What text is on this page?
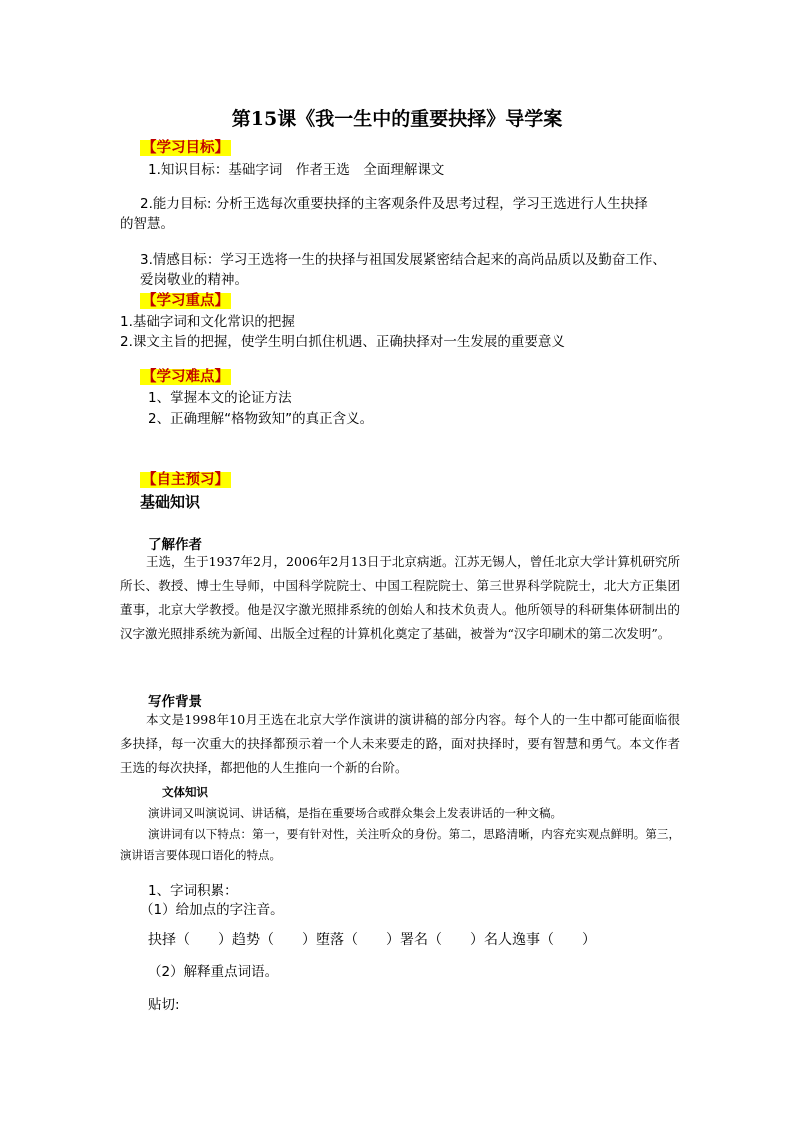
第15课《我一生中的重要抉择》导学案
【学习目标】
1.知识目标：基础字词　作者王选　全面理解课文
2.能力目标: 分析王选每次重要抉择的主客观条件及思考过程，学习王选进行人生抉择
的智慧。
3.情感目标：学习王选将一生的抉择与祖国发展紧密结合起来的高尚品质以及勤奋工作、
爱岗敬业的精神。
【学习重点】
1.基础字词和文化常识的把握
2.课文主旨的把握，使学生明白抓住机遇、正确抉择对一生发展的重要意义
【学习难点】
1、掌握本文的论证方法
2、正确理解“格物致知”的真正含义。
【自主预习】
基础知识
了解作者
王选，生于1937年2月，2006年2月13日于北京病逝。江苏无锡人，曾任北京大学计算机研究所所长、教授、博士生导师，中国科学院院士、中国工程院院士、第三世界科学院院士，北大方正集团董事，北京大学教授。他是汉字激光照排系统的创始人和技术负责人。他所领导的科研集体研制出的汉字激光照排系统为新闻、出版全过程的计算机化奠定了基础，被誉为“汉字印刷术的第二次发明”。
写作背景
本文是1998年10月王选在北京大学作演讲的演讲稿的部分内容。每个人的一生中都可能面临很多抉择，每一次重大的抉择都预示着一个人未来要走的路，面对抉择时，要有智慧和勇气。本文作者王选的每次抉择，都把他的人生推向一个新的台阶。
文体知识
演讲词又叫演说词、讲话稿，是指在重要场合或群众集会上发表讲话的一种文稿。
演讲词有以下特点：第一，要有针对性，关注听众的身份。第二，思路清晰，内容充实观点鲜明。第三，演讲语言要体现口语化的特点。
1、字词积累：
（1）给加点的字注音。
抉择（　　）趋势（　　）堕落（　　）署名（　　）名人逸事（　　）
（2）解释重点词语。
贴切:
